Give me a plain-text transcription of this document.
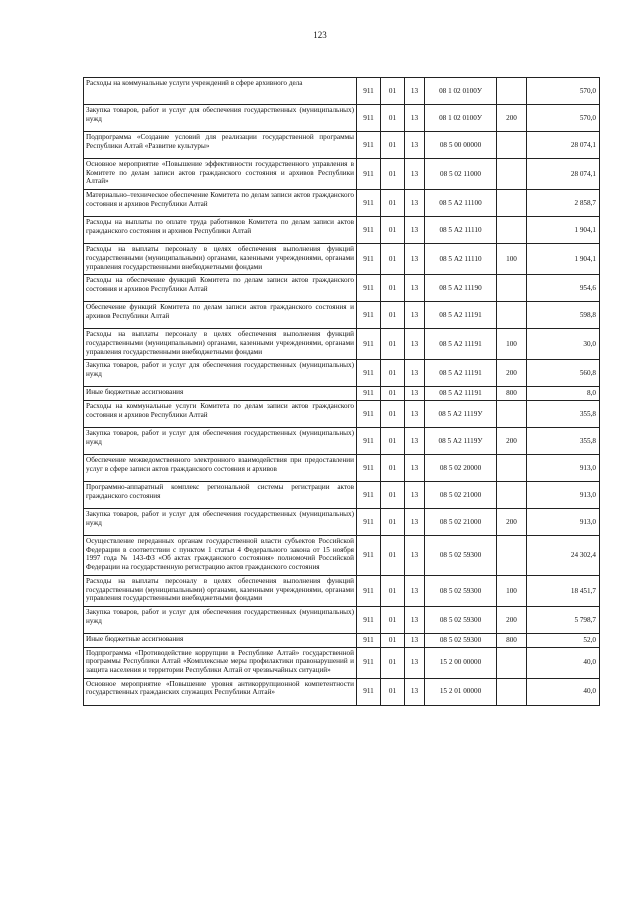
123
Расходы на коммунальные услуги учреждений в сфере архивного дела	911	01	13	08 1 02 0100У		570,0
Закупка товаров, работ и услуг для обеспечения государственных (муниципальных) нужд	911	01	13	08 1 02 0100У	200	570,0
Подпрограмма «Создание условий для реализации государственной программы Республики Алтай «Развитие культуры»	911	01	13	08 5 00 00000		28 074,1
Основное мероприятие «Повышение эффективности государственного управления в Комитете по делам записи актов гражданского состояния и архивов Республики Алтай»	911	01	13	08 5 02 11000		28 074,1
Материально–техническое обеспечение Комитета по делам записи актов гражданского состояния и архивов Республики Алтай	911	01	13	08 5 А2 11100		2 858,7
Расходы на выплаты по оплате труда работников Комитета по делам записи актов гражданского состояния и архивов Республики Алтай	911	01	13	08 5 А2 11110		1 904,1
Расходы на выплаты персоналу в целях обеспечения выполнения функций государственными (муниципальными) органами, казенными учреждениями, органами управления государственными внебюджетными фондами	911	01	13	08 5 А2 11110	100	1 904,1
Расходы на обеспечение функций Комитета по делам записи актов гражданского состояния и архивов Республики Алтай	911	01	13	08 5 А2 11190		954,6
Обеспечение функций Комитета по делам записи актов гражданского состояния и архивов Республики Алтай	911	01	13	08 5 А2 11191		598,8
Расходы на выплаты персоналу в целях обеспечения выполнения функций государственными (муниципальными) органами, казенными учреждениями, органами управления государственными внебюджетными фондами	911	01	13	08 5 А2 11191	100	30,0
Закупка товаров, работ и услуг для обеспечения государственных (муниципальных) нужд	911	01	13	08 5 А2 11191	200	560,8
Иные бюджетные ассигнования	911	01	13	08 5 А2 11191	800	8,0
Расходы на коммунальные услуги Комитета по делам записи актов гражданского состояния и архивов Республики Алтай	911	01	13	08 5 А2 1119У		355,8
Закупка товаров, работ и услуг для обеспечения государственных (муниципальных) нужд	911	01	13	08 5 А2 1119У	200	355,8
Обеспечение межведомственного электронного взаимодействия при предоставлении услуг в сфере записи актов гражданского состояния и архивов	911	01	13	08 5 02 20000		913,0
Программно-аппаратный комплекс региональной системы регистрации актов гражданского состояния	911	01	13	08 5 02 21000		913,0
Закупка товаров, работ и услуг для обеспечения государственных (муниципальных) нужд	911	01	13	08 5 02 21000	200	913,0
Осуществление переданных органам государственной власти субъектов Российской Федерации в соответствии с пунктом 1 статьи 4 Федерального закона от 15 ноября 1997 года № 143-ФЗ «Об актах гражданского состояния» полномочий Российской Федерации на государственную регистрацию актов гражданского состояния	911	01	13	08 5 02 59300		24 302,4
Расходы на выплаты персоналу в целях обеспечения выполнения функций государственными (муниципальными) органами, казенными учреждениями, органами управления государственными внебюджетными фондами	911	01	13	08 5 02 59300	100	18 451,7
Закупка товаров, работ и услуг для обеспечения государственных (муниципальных) нужд	911	01	13	08 5 02 59300	200	5 798,7
Иные бюджетные ассигнования	911	01	13	08 5 02 59300	800	52,0
Подпрограмма «Противодействие коррупции в Республике Алтай» государственной программы Республики Алтай «Комплексные меры профилактики правонарушений и защита населения и территории Республики Алтай от чрезвычайных ситуаций»	911	01	13	15 2 00 00000		40,0
Основное мероприятие «Повышение уровня антикоррупционной компетентности государственных гражданских служащих Республики Алтай»	911	01	13	15 2 01 00000		40,0
